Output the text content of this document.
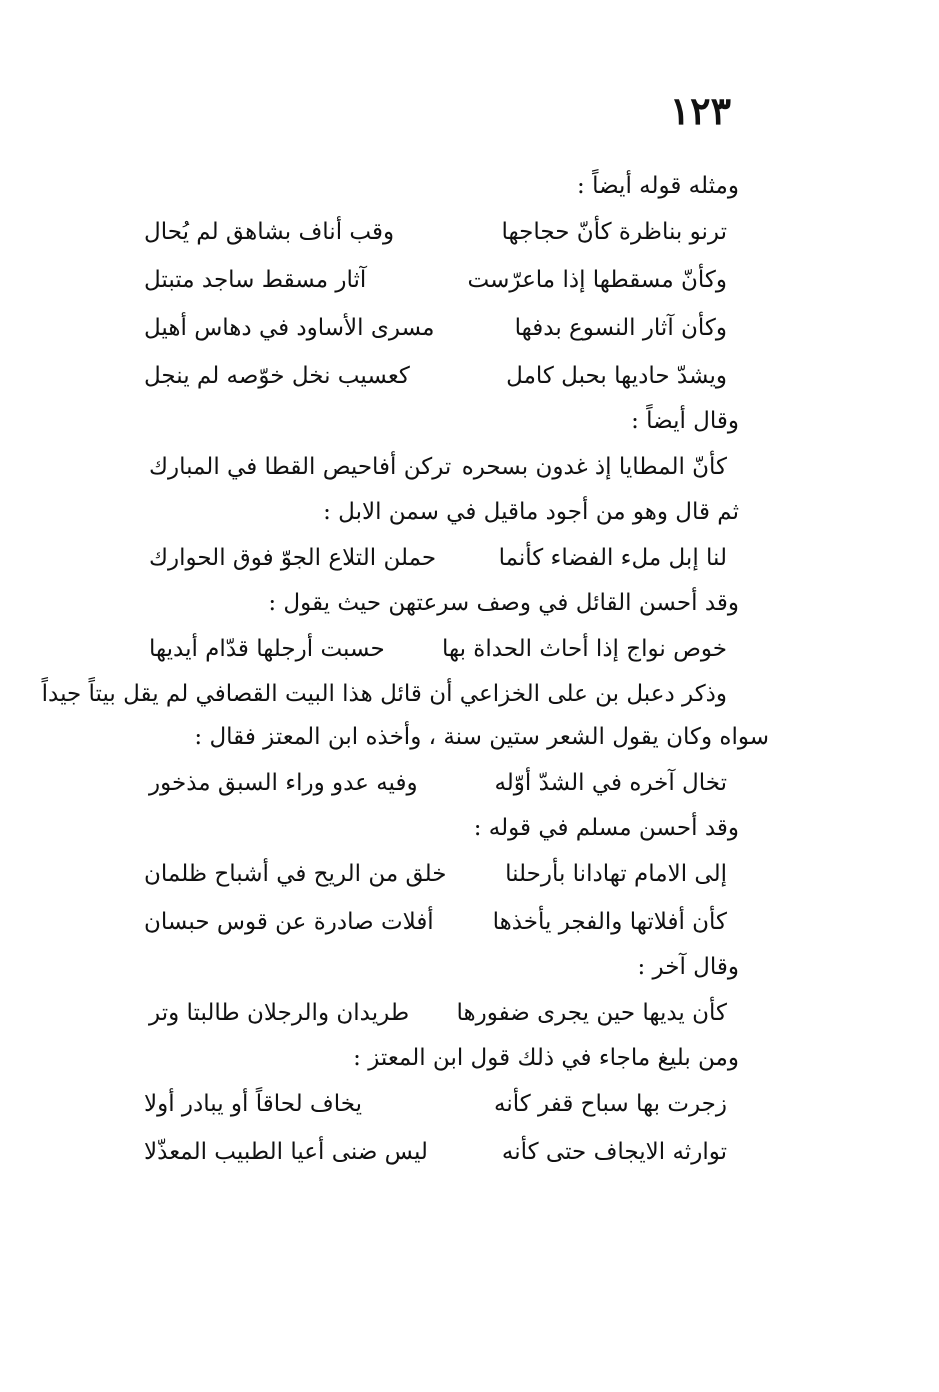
١٢٣
ومثله قوله أيضاً :
ترنو بناظرة كأنّ حجاجها
وقب أناف بشاهق لم يُحال
وكأنّ مسقطها إذا ماعرّست
آثار مسقط ساجد متبتل
وكأن آثار النسوع بدفها
مسرى الأساود في دهاس أهيل
ويشدّ حاديها بحبل كامل
كعسيب نخل خوّصه لم ينجل
وقال أيضاً :
كأنّ المطايا إذ غدون بسحره
تركن أفاحيص القطا في المبارك
ثم قال وهو من أجود ماقيل في سمن الابل :
لنا إبل ملء الفضاء كأنما
حملن التلاع الجوّ فوق الحوارك
وقد أحسن القائل في وصف سرعتهن حيث يقول :
خوص نواج إذا أحاث الحداة بها
حسبت أرجلها قدّام أيديها
وذكر دعبل بن على الخزاعي أن قائل هذا البيت القصافي لم يقل بيتاً جيداً
سواه وكان يقول الشعر ستين سنة ، وأخذه ابن المعتز فقال :
تخال آخره في الشدّ أوّله
وفيه عدو وراء السبق مذخور
وقد أحسن مسلم في قوله :
إلى الامام تهادانا بأرحلنا
خلق من الريح في أشباح ظلمان
كأن أفلاتها والفجر يأخذها
أفلات صادرة عن قوس حبسان
وقال آخر :
كأن يديها حين يجرى ضفورها
طريدان والرجلان طالبتا وتر
ومن بليغ ماجاء في ذلك قول ابن المعتز :
زجرت بها سباح قفر كأنه
يخاف لحاقاً أو يبادر أولا
توارثه الايجاف حتى كأنه
ليس ضنى أعيا الطبيب المعذّلا
